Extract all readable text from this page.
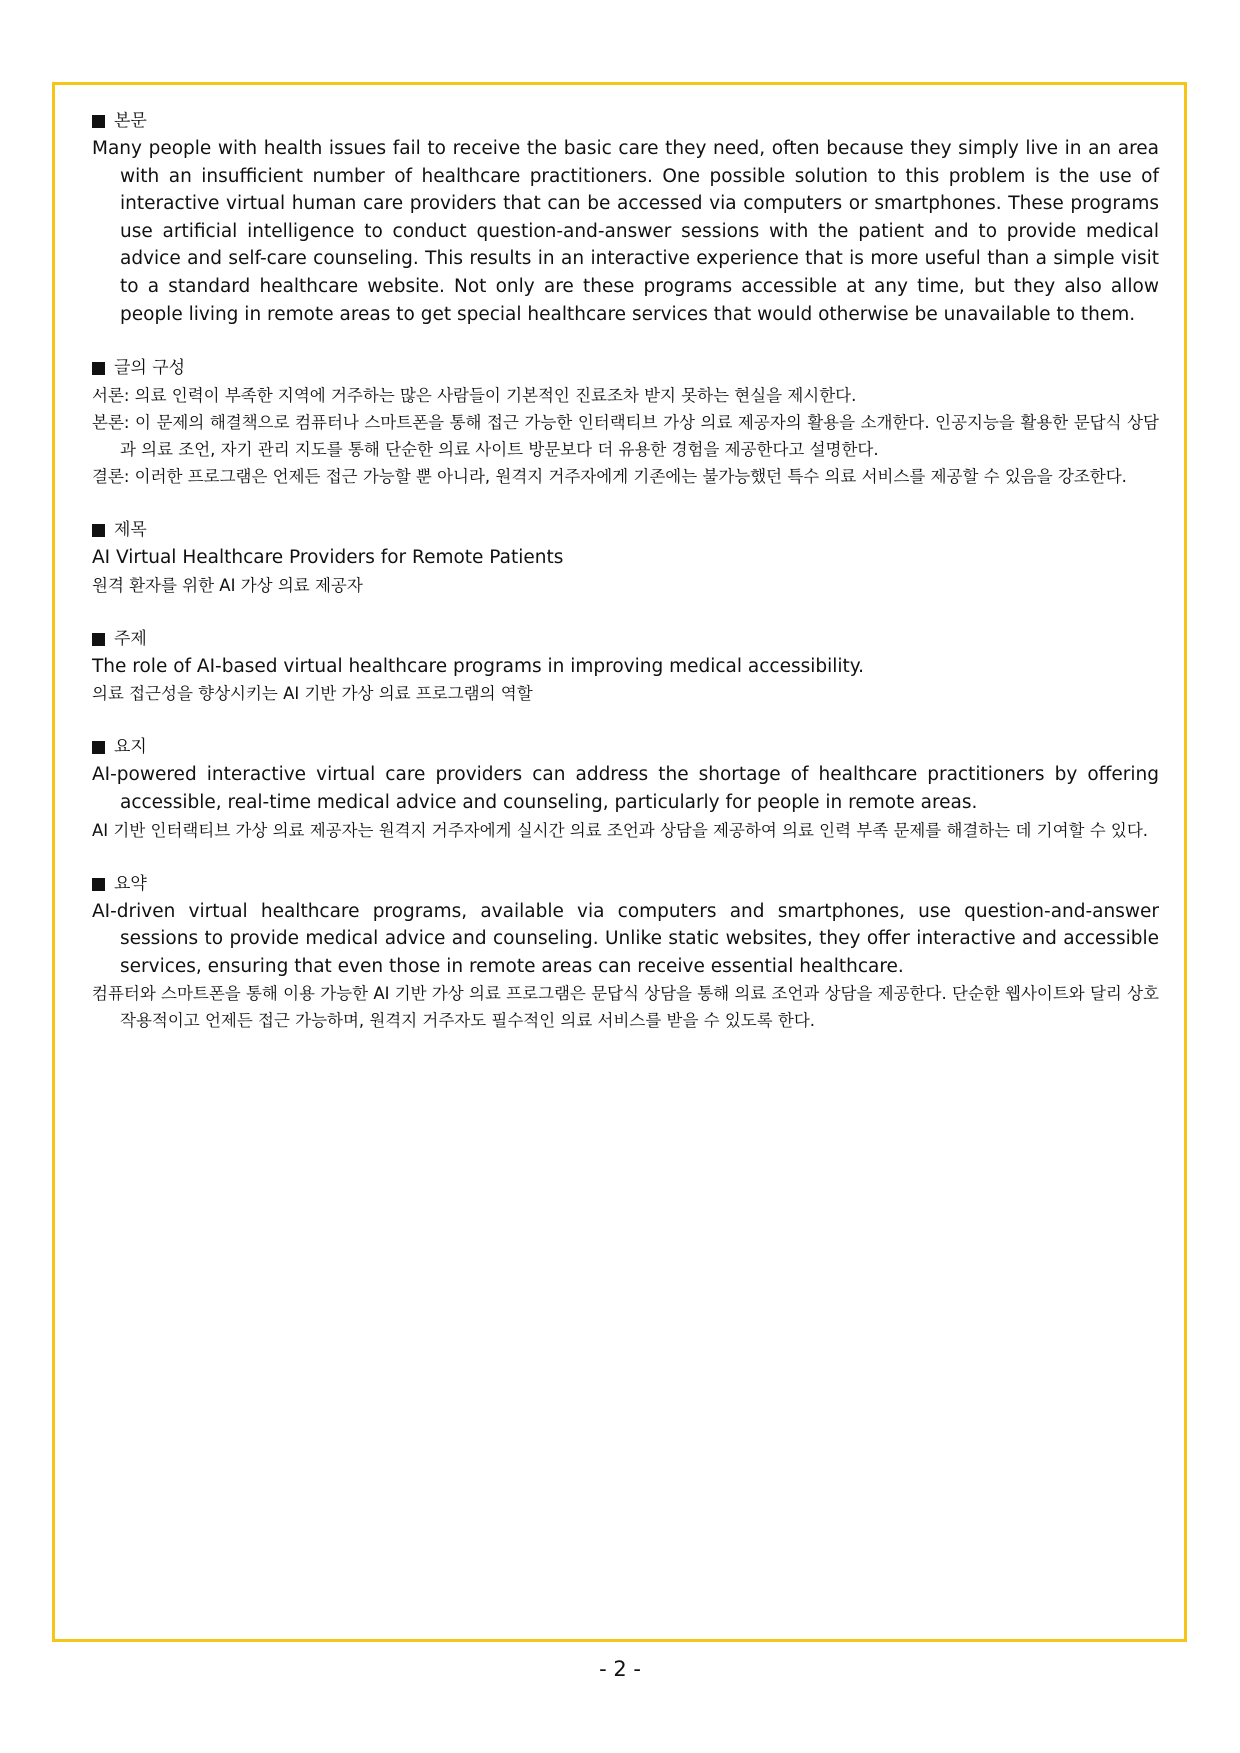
본문

Many people with health issues fail to receive the basic care they need, often because they simply live in an area with an insufficient number of healthcare practitioners. One possible solution to this problem is the use of interactive virtual human care providers that can be accessed via computers or smartphones. These programs use artificial intelligence to conduct question-and-answer sessions with the patient and to provide medical advice and self-care counseling. This results in an interactive experience that is more useful than a simple visit to a standard healthcare website. Not only are these programs accessible at any time, but they also allow people living in remote areas to get special healthcare services that would otherwise be unavailable to them.

글의 구성

서론: 의료 인력이 부족한 지역에 거주하는 많은 사람들이 기본적인 진료조차 받지 못하는 현실을 제시한다.

본론: 이 문제의 해결책으로 컴퓨터나 스마트폰을 통해 접근 가능한 인터랙티브 가상 의료 제공자의 활용을 소개한다. 인공지능을 활용한 문답식 상담과 의료 조언, 자기 관리 지도를 통해 단순한 의료 사이트 방문보다 더 유용한 경험을 제공한다고 설명한다.

결론: 이러한 프로그램은 언제든 접근 가능할 뿐 아니라, 원격지 거주자에게 기존에는 불가능했던 특수 의료 서비스를 제공할 수 있음을 강조한다.

제목

AI Virtual Healthcare Providers for Remote Patients

원격 환자를 위한 AI 가상 의료 제공자

주제

The role of AI-based virtual healthcare programs in improving medical accessibility.

의료 접근성을 향상시키는 AI 기반 가상 의료 프로그램의 역할

요지

AI-powered interactive virtual care providers can address the shortage of healthcare practitioners by offering accessible, real-time medical advice and counseling, particularly for people in remote areas.

AI 기반 인터랙티브 가상 의료 제공자는 원격지 거주자에게 실시간 의료 조언과 상담을 제공하여 의료 인력 부족 문제를 해결하는 데 기여할 수 있다.

요약

AI-driven virtual healthcare programs, available via computers and smartphones, use question-and-answer sessions to provide medical advice and counseling. Unlike static websites, they offer interactive and accessible services, ensuring that even those in remote areas can receive essential healthcare.

컴퓨터와 스마트폰을 통해 이용 가능한 AI 기반 가상 의료 프로그램은 문답식 상담을 통해 의료 조언과 상담을 제공한다. 단순한 웹사이트와 달리 상호작용적이고 언제든 접근 가능하며, 원격지 거주자도 필수적인 의료 서비스를 받을 수 있도록 한다.

- 2 -
